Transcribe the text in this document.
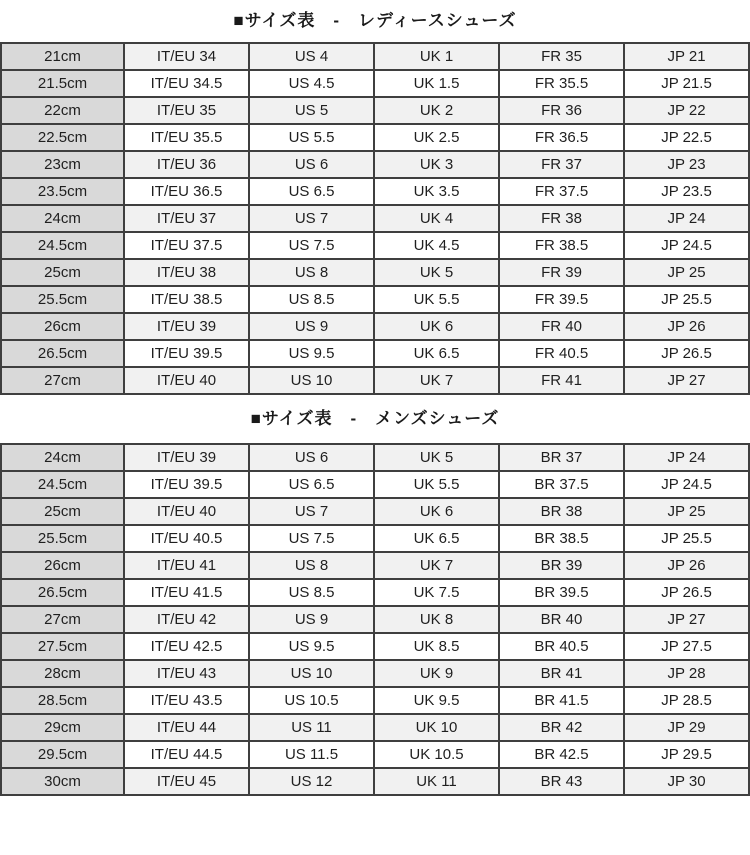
■サイズ表　-　レディースシューズ
21cm	IT/EU 34	US 4	UK 1	FR 35	JP 21
21.5cm	IT/EU 34.5	US 4.5	UK 1.5	FR 35.5	JP 21.5
22cm	IT/EU 35	US 5	UK 2	FR 36	JP 22
22.5cm	IT/EU 35.5	US 5.5	UK 2.5	FR 36.5	JP 22.5
23cm	IT/EU 36	US 6	UK 3	FR 37	JP 23
23.5cm	IT/EU 36.5	US 6.5	UK 3.5	FR 37.5	JP 23.5
24cm	IT/EU 37	US 7	UK 4	FR 38	JP 24
24.5cm	IT/EU 37.5	US 7.5	UK 4.5	FR 38.5	JP 24.5
25cm	IT/EU 38	US 8	UK 5	FR 39	JP 25
25.5cm	IT/EU 38.5	US 8.5	UK 5.5	FR 39.5	JP 25.5
26cm	IT/EU 39	US 9	UK 6	FR 40	JP 26
26.5cm	IT/EU 39.5	US 9.5	UK 6.5	FR 40.5	JP 26.5
27cm	IT/EU 40	US 10	UK 7	FR 41	JP 27
■サイズ表　-　メンズシューズ
24cm	IT/EU 39	US 6	UK 5	BR 37	JP 24
24.5cm	IT/EU 39.5	US 6.5	UK 5.5	BR 37.5	JP 24.5
25cm	IT/EU 40	US 7	UK 6	BR 38	JP 25
25.5cm	IT/EU 40.5	US 7.5	UK 6.5	BR 38.5	JP 25.5
26cm	IT/EU 41	US 8	UK 7	BR 39	JP 26
26.5cm	IT/EU 41.5	US 8.5	UK 7.5	BR 39.5	JP 26.5
27cm	IT/EU 42	US 9	UK 8	BR 40	JP 27
27.5cm	IT/EU 42.5	US 9.5	UK 8.5	BR 40.5	JP 27.5
28cm	IT/EU 43	US 10	UK 9	BR 41	JP 28
28.5cm	IT/EU 43.5	US 10.5	UK 9.5	BR 41.5	JP 28.5
29cm	IT/EU 44	US 11	UK 10	BR 42	JP 29
29.5cm	IT/EU 44.5	US 11.5	UK 10.5	BR 42.5	JP 29.5
30cm	IT/EU 45	US 12	UK 11	BR 43	JP 30
